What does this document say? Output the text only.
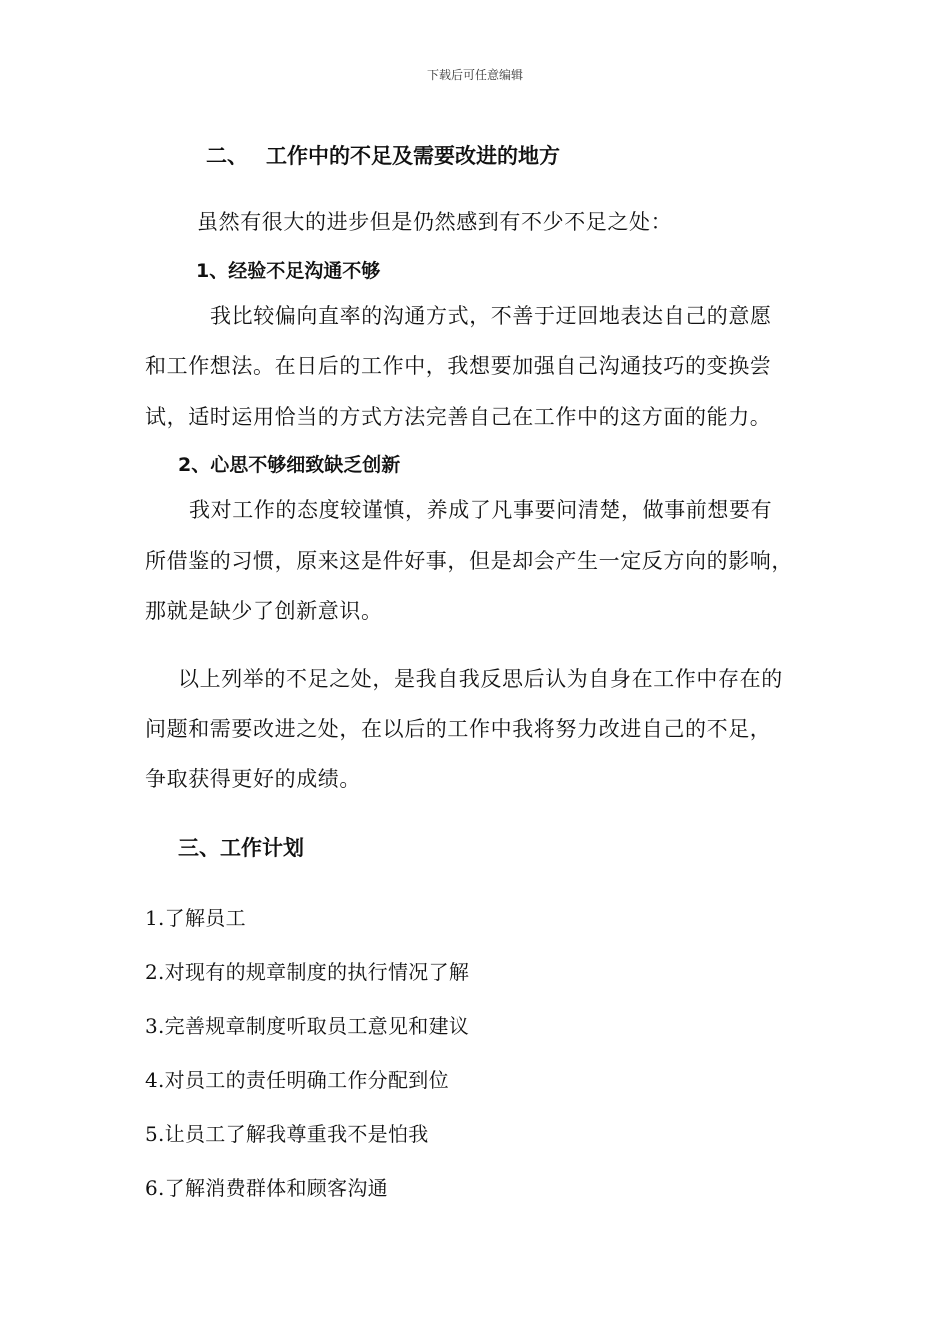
下载后可任意编辑

二、 工作中的不足及需要改进的地方

虽然有很大的进步但是仍然感到有不少不足之处：

1、经验不足沟通不够

我比较偏向直率的沟通方式，不善于迂回地表达自己的意愿

和工作想法。在日后的工作中，我想要加强自己沟通技巧的变换尝

试，适时运用恰当的方式方法完善自己在工作中的这方面的能力。

2、心思不够细致缺乏创新

我对工作的态度较谨慎，养成了凡事要问清楚，做事前想要有

所借鉴的习惯，原来这是件好事，但是却会产生一定反方向的影响，

那就是缺少了创新意识。

以上列举的不足之处，是我自我反思后认为自身在工作中存在的

问题和需要改进之处，在以后的工作中我将努力改进自己的不足，

争取获得更好的成绩。

三、工作计划

1.了解员工

2.对现有的规章制度的执行情况了解

3.完善规章制度听取员工意见和建议

4.对员工的责任明确工作分配到位

5.让员工了解我尊重我不是怕我

6.了解消费群体和顾客沟通
